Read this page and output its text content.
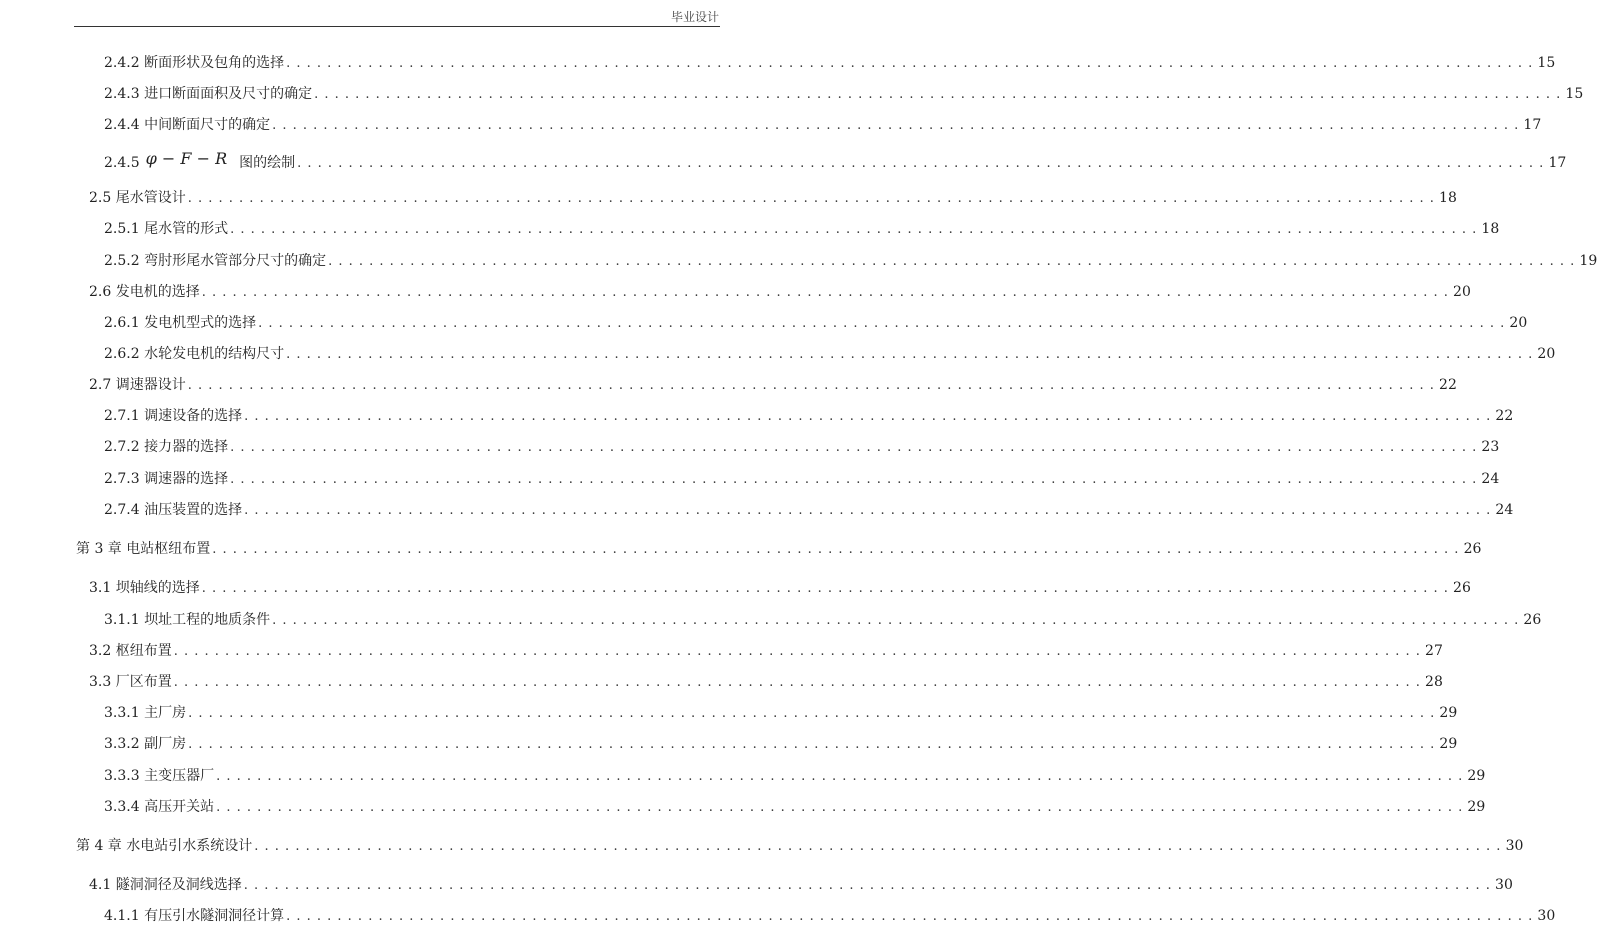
毕业设计
2.4.2 断面形状及包角的选择 . . .	15
2.4.3 进口断面面积及尺寸的确定 . . .	15
2.4.4 中间断面尺寸的确定 . . .	17
2.4.5 φ − F − R 图的绘制 . . .	17
2.5 尾水管设计 . . .	18
2.5.1 尾水管的形式 . . .	18
2.5.2 弯肘形尾水管部分尺寸的确定 . . .	19
2.6 发电机的选择 . . .	20
2.6.1 发电机型式的选择 . . .	20
2.6.2 水轮发电机的结构尺寸 . . .	20
2.7 调速器设计 . . .	22
2.7.1 调速设备的选择 . . .	22
2.7.2 接力器的选择 . . .	23
2.7.3 调速器的选择 . . .	24
2.7.4 油压装置的选择 . . .	24
第 3 章 电站枢纽布置 . . .	26
3.1 坝轴线的选择 . . .	26
3.1.1 坝址工程的地质条件 . . .	26
3.2 枢纽布置 . . .	27
3.3 厂区布置 . . .	28
3.3.1 主厂房 . . .	29
3.3.2 副厂房 . . .	29
3.3.3 主变压器厂 . . .	29
3.3.4 高压开关站 . . .	29
第 4 章 水电站引水系统设计 . . .	30
4.1 隧洞洞径及洞线选择 . . .	30
4.1.1 有压引水隧洞洞径计算 . . .	30
